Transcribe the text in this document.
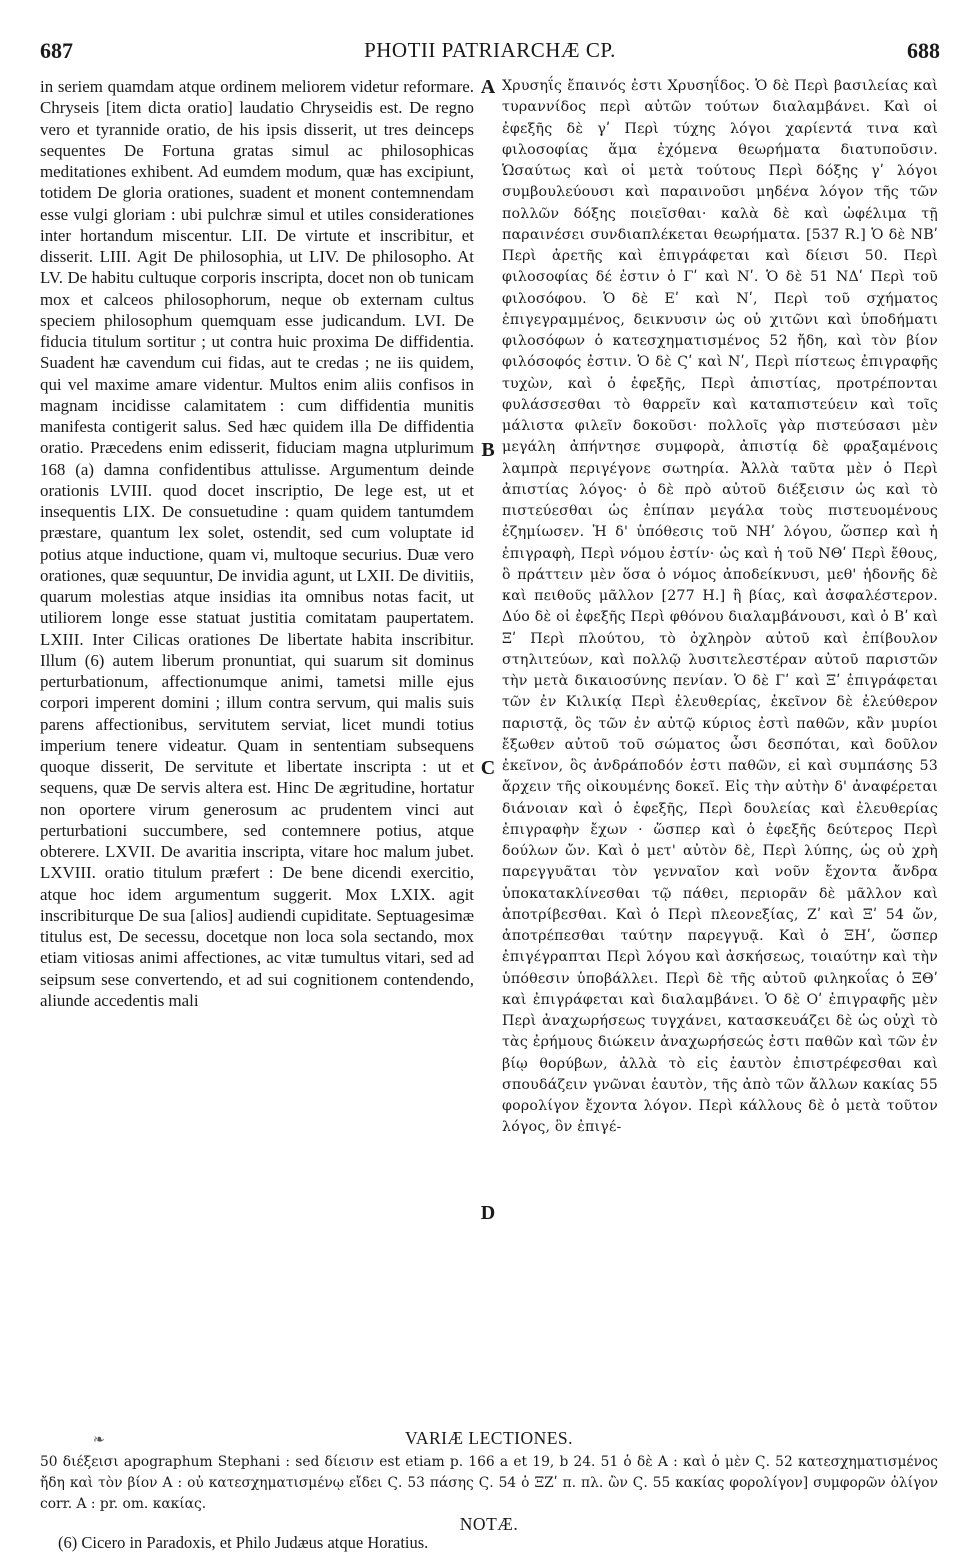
687	PHOTII PATRIARCHÆ CP.	688

in seriem quamdam atque ordinem meliorem videtur reformare. Chryseis [item dicta oratio] laudatio Chryseidis est. De regno vero et tyrannide oratio, de his ipsis disserit, ut tres deinceps sequentes De Fortuna gratas simul ac philosophicas meditationes exhibent. Ad eumdem modum, quæ has excipiunt, totidem De gloria orationes, suadent et monent contemnendam esse vulgi gloriam : ubi pulchræ simul et utiles considerationes inter hortandum miscentur. LII. De virtute et inscribitur, et disserit. LIII. Agit De philosophia, ut LIV. De philosopho. At LV. De habitu cultuque corporis inscripta, docet non ob tunicam mox et calceos philosophorum, neque ob externam cultus speciem philosophum quemquam esse judicandum. LVI. De fiducia titulum sortitur ; ut contra huic proxima De diffidentia. Suadent hæ cavendum cui fidas, aut te credas ; ne iis quidem, qui vel maxime amare videntur. Multos enim aliis confisos in magnam incidisse calamitatem : cum diffidentia munitis manifesta contigerit salus. Sed hæc quidem illa De diffidentia oratio. Præcedens enim edisserit, fiduciam magna utplurimum 168 (a) damna confidentibus attulisse. Argumentum deinde orationis LVIII. quod docet inscriptio, De lege est, ut et insequentis LIX. De consuetudine : quam quidem tantumdem præstare, quantum lex solet, ostendit, sed cum voluptate id potius atque inductione, quam vi, multoque securius. Duæ vero orationes, quæ sequuntur, De invidia agunt, ut LXII. De divitiis, quarum molestias atque insidias ita omnibus notas facit, ut utiliorem longe esse statuat justitia comitatam paupertatem. LXIII. Inter Cilicas orationes De libertate habita inscribitur. Illum (6) autem liberum pronuntiat, qui suarum sit dominus perturbationum, affectionumque animi, tametsi mille ejus corpori imperent domini ; illum contra servum, qui malis suis parens affectionibus, servitutem serviat, licet mundi totius imperium tenere videatur. Quam in sententiam subsequens quoque disserit, De servitute et libertate inscripta : ut et sequens, quæ De servis altera est. Hinc De ægritudine, hortatur non oportere virum generosum ac prudentem vinci aut perturbationi succumbere, sed contemnere potius, atque obterere. LXVII. De avaritia inscripta, vitare hoc malum jubet. LXVIII. oratio titulum præfert : De bene dicendi exercitio, atque hoc idem argumentum suggerit. Mox LXIX. agit inscribiturque De sua [alios] audiendi cupiditate. Septuagesimæ titulus est, De secessu, docetque non loca sola sectando, mox etiam vitiosas animi affectiones, ac vitæ tumultus vitari, sed ad seipsum sese convertendo, et ad sui cognitionem contendendo, aliunde accedentis mali

A
B
C
D

Χρυσηΐς ἔπαινός ἐστι Χρυσηΐδος. Ὁ δὲ Περὶ βασιλείας καὶ τυραννίδος περὶ αὐτῶν τούτων διαλαμβάνει. Καὶ οἱ ἐφεξῆς δὲ γʹ Περὶ τύχης λόγοι χαρίεντά τινα καὶ φιλοσοφίας ἅμα ἐχόμενα θεωρήματα διατυποῦσιν. Ὡσαύτως καὶ οἱ μετὰ τούτους Περὶ δόξης γʹ λόγοι συμβουλεύουσι καὶ παραινοῦσι μηδένα λόγον τῆς τῶν πολλῶν δόξης ποιεῖσθαι· καλὰ δὲ καὶ ὠφέλιμα τῇ παραινέσει συνδιαπλέκεται θεωρήματα. [537 R.] Ὁ δὲ ΝΒʹ Περὶ ἀρετῆς καὶ ἐπιγράφεται καὶ δίεισι 50. Περὶ φιλοσοφίας δέ ἐστιν ὁ Γʹ καὶ Νʹ. Ὁ δὲ 51 ΝΔʹ Περὶ τοῦ φιλοσόφου. Ὁ δὲ Εʹ καὶ Νʹ, Περὶ τοῦ σχήματος ἐπιγεγραμμένος, δεικνυσιν ὡς οὐ χιτῶνι καὶ ὑποδήματι φιλοσόφων ὁ κατεσχηματισμένος 52 ἤδη, καὶ τὸν βίον φιλόσοφός ἐστιν. Ὁ δὲ Ϛʹ καὶ Νʹ, Περὶ πίστεως ἐπιγραφῆς τυχὼν, καὶ ὁ ἐφεξῆς, Περὶ ἀπιστίας, προτρέπονται φυλάσσεσθαι τὸ θαρρεῖν καὶ καταπιστεύειν καὶ τοῖς μάλιστα φιλεῖν δοκοῦσι· πολλοῖς γὰρ πιστεύσασι μὲν μεγάλη ἀπήντησε συμφορὰ, ἀπιστίᾳ δὲ φραξαμένοις λαμπρὰ περιγέγονε σωτηρία. Ἀλλὰ ταῦτα μὲν ὁ Περὶ ἀπιστίας λόγος· ὁ δὲ πρὸ αὐτοῦ διέξεισιν ὡς καὶ τὸ πιστεύεσθαι ὡς ἐπίπαν μεγάλα τοὺς πιστευομένους ἐζημίωσεν. Ἡ δ' ὑπόθεσις τοῦ ΝΗʹ λόγου, ὥσπερ καὶ ἡ ἐπιγραφὴ, Περὶ νόμου ἐστίν· ὡς καὶ ἡ τοῦ ΝΘʹ Περὶ ἔθους, ὃ πράττειν μὲν ὅσα ὁ νόμος ἀποδείκνυσι, μεθ' ἡδονῆς δὲ καὶ πειθοῦς μᾶλλον [277 H.] ἢ βίας, καὶ ἀσφαλέστερον. Δύο δὲ οἱ ἐφεξῆς Περὶ φθόνου διαλαμβάνουσι, καὶ ὁ Βʹ καὶ Ξʹ Περὶ πλούτου, τὸ ὀχληρὸν αὐτοῦ καὶ ἐπίβουλον στηλιτεύων, καὶ πολλῷ λυσιτελεστέραν αὐτοῦ παριστῶν τὴν μετὰ δικαιοσύνης πενίαν. Ὁ δὲ Γʹ καὶ Ξʹ ἐπιγράφεται τῶν ἐν Κιλικίᾳ Περὶ ἐλευθερίας, ἐκεῖνον δὲ ἐλεύθερον παριστᾷ, ὃς τῶν ἐν αὐτῷ κύριος ἐστὶ παθῶν, κἂν μυρίοι ἔξωθεν αὐτοῦ τοῦ σώματος ὦσι δεσπόται, καὶ δοῦλον ἐκεῖνον, ὃς ἀνδράποδόν ἐστι παθῶν, εἰ καὶ συμπάσης 53 ἄρχειν τῆς οἰκουμένης δοκεῖ. Εἰς τὴν αὐτὴν δ' ἀναφέρεται διάνοιαν καὶ ὁ ἐφεξῆς, Περὶ δουλείας καὶ ἐλευθερίας ἐπιγραφὴν ἔχων · ὥσπερ καὶ ὁ ἐφεξῆς δεύτερος Περὶ δούλων ὤν. Καὶ ὁ μετ' αὐτὸν δὲ, Περὶ λύπης, ὡς οὐ χρὴ παρεγγυᾶται τὸν γενναῖον καὶ νοῦν ἔχοντα ἄνδρα ὑποκατακλίνεσθαι τῷ πάθει, περιορᾶν δὲ μᾶλλον καὶ ἀποτρίβεσθαι. Καὶ ὁ Περὶ πλεονεξίας, Ζʹ καὶ Ξʹ 54 ὤν, ἀποτρέπεσθαι ταύτην παρεγγυᾷ. Καὶ ὁ ΞΗʹ, ὥσπερ ἐπιγέγραπται Περὶ λόγου καὶ ἀσκήσεως, τοιαύτην καὶ τὴν ὑπόθεσιν ὑποβάλλει. Περὶ δὲ τῆς αὐτοῦ φιληκοΐας ὁ ΞΘʹ καὶ ἐπιγράφεται καὶ διαλαμβάνει. Ὁ δὲ Οʹ ἐπιγραφῆς μὲν Περὶ ἀναχωρήσεως τυγχάνει, κατασκευάζει δὲ ὡς οὐχὶ τὸ τὰς ἐρήμους διώκειν ἀναχωρήσεώς ἐστι παθῶν καὶ τῶν ἐν βίῳ θορύβων, ἀλλὰ τὸ εἰς ἑαυτὸν ἐπιστρέφεσθαι καὶ σπουδάζειν γνῶναι ἑαυτὸν, τῆς ἀπὸ τῶν ἄλλων κακίας 55 φορολίγον ἔχοντα λόγον. Περὶ κάλλους δὲ ὁ μετὰ τοῦτον λόγος, ὃν ἐπιγέ-

❧	VARIÆ LECTIONES.
50 διέξεισι apographum Stephani : sed δίεισιν est etiam p. 166 a et 19, b 24. 51 ὁ δὲ A : καὶ ὁ μὲν Ϛ. 52 κατεσχηματισμένος ἤδη καὶ τὸν βίον A : οὐ κατεσχηματισμένῳ εἴδει Ϛ. 53 πάσης Ϛ. 54 ὁ ΞΖʹ π. πλ. ὢν Ϛ. 55 κακίας φορολίγον] συμφορῶν ὀλίγον corr. A : pr. om. κακίας.
NOTÆ.
(6) Cicero in Paradoxis, et Philo Judæus atque Horatius.
